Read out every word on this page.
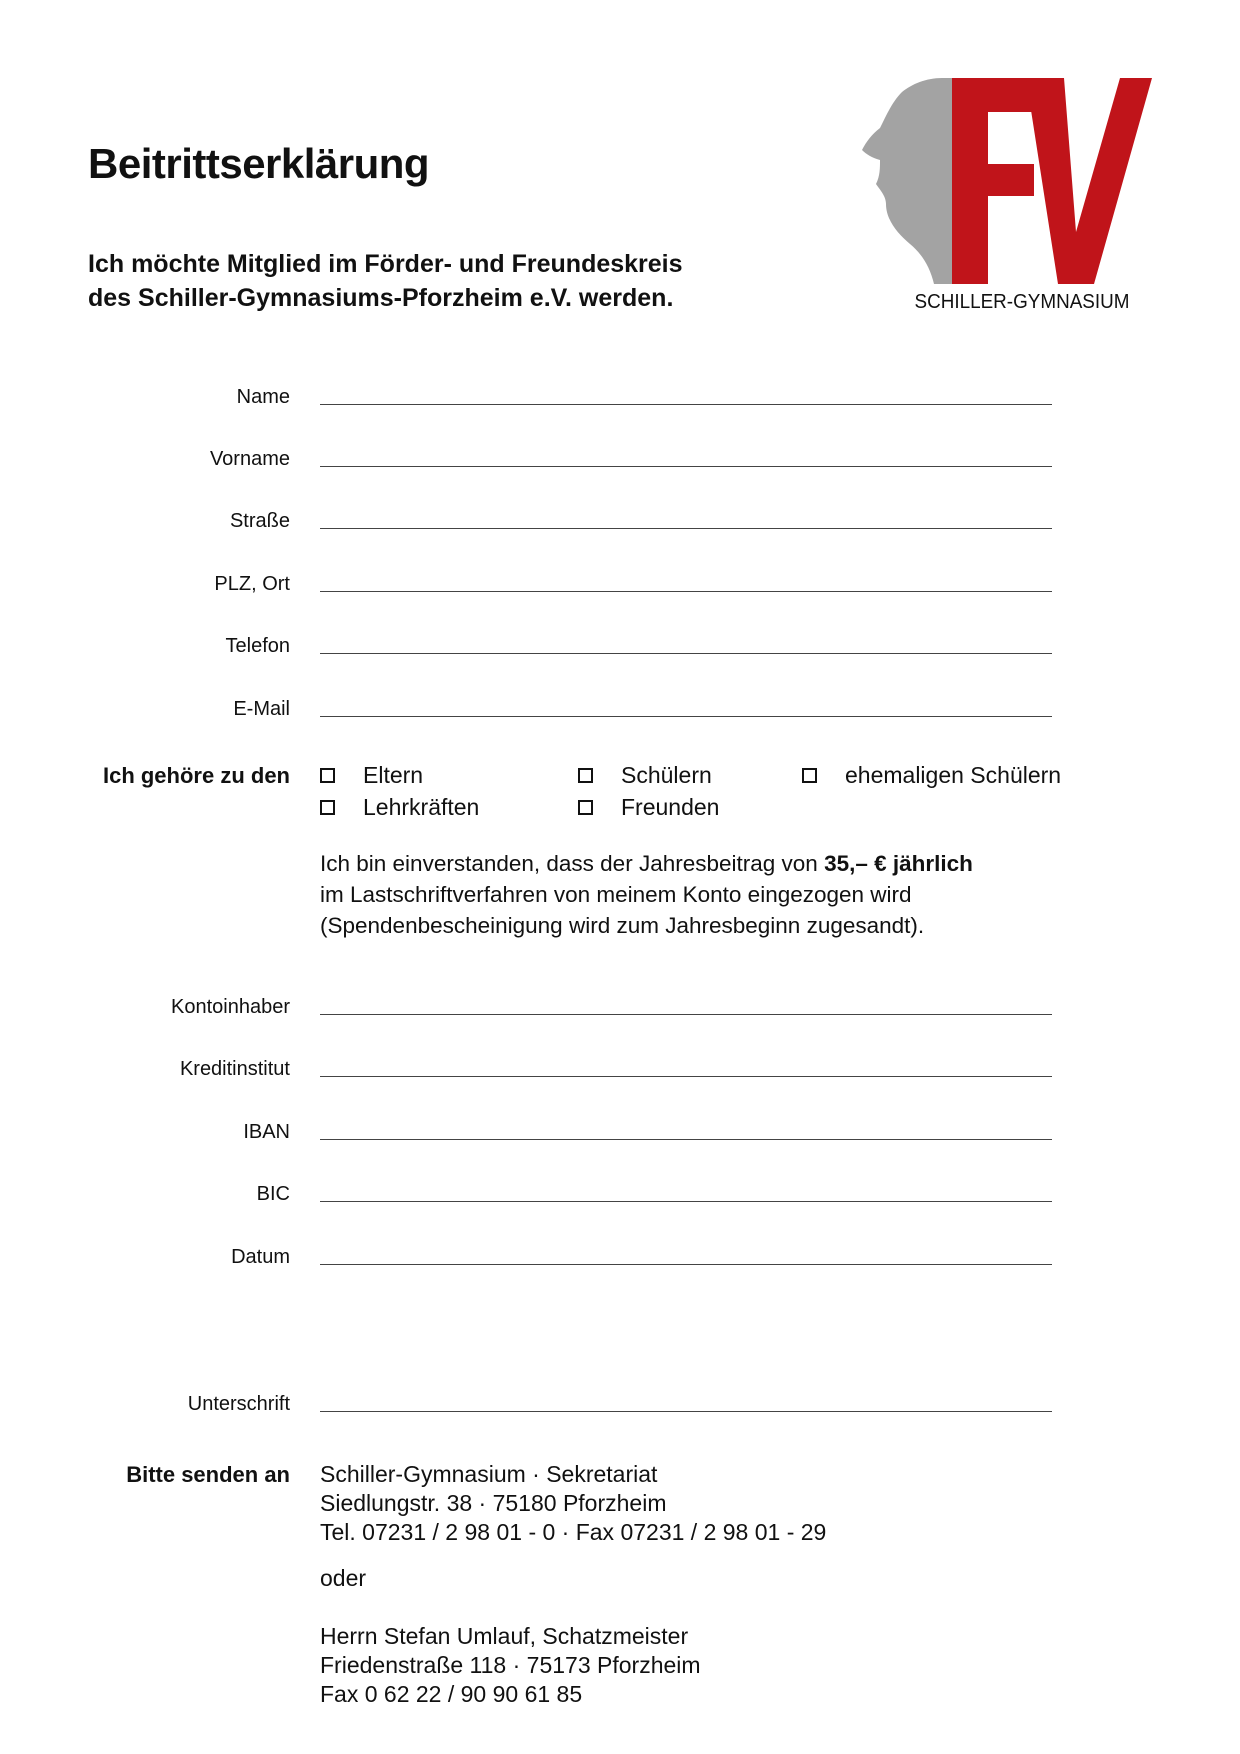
Beitrittserklärung
Ich möchte Mitglied im Förder- und Freundeskreis
des Schiller-Gymnasiums-Pforzheim e.V. werden.
FÖRDERVEREIN
SCHILLER-GYMNASIUM
Name
Vorname
Straße
PLZ, Ort
Telefon
E-Mail
Ich gehöre zu den	Eltern	Schülern	ehemaligen Schülern
Lehrkräften	Freunden
Ich bin einverstanden, dass der Jahresbeitrag von 35,– € jährlich
im Lastschriftverfahren von meinem Konto eingezogen wird
(Spendenbescheinigung wird zum Jahresbeginn zugesandt).
Kontoinhaber
Kreditinstitut
IBAN
BIC
Datum
Unterschrift
Bitte senden an Schiller-Gymnasium · Sekretariat
Siedlungstr. 38 · 75180 Pforzheim
Tel. 07231 / 2 98 01 - 0 · Fax 07231 / 2 98 01 - 29
oder
Herrn Stefan Umlauf, Schatzmeister
Friedenstraße 118 · 75173 Pforzheim
Fax 0 62 22 / 90 90 61 85
